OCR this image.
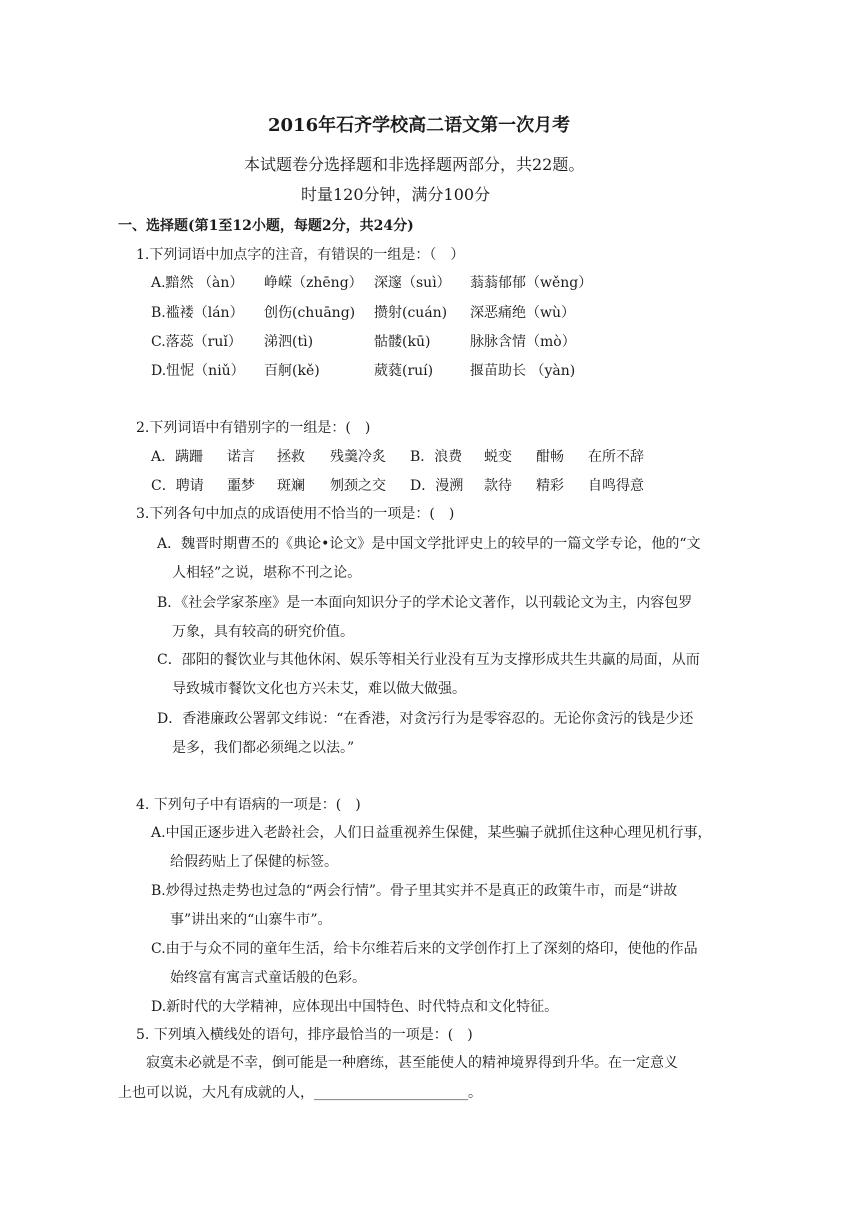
2016年石齐学校高二语文第一次月考
本试题卷分选择题和非选择题两部分，共22题。
时量120分钟，满分100分
一、选择题(第1至12小题，每题2分，共24分)
1.下列词语中加点字的注音，有错误的一组是：（　）
A.黯然 （àn） 峥嵘（zhēng） 深邃（suì） 蓊蓊郁郁（wěng）
B.褴褛（lán） 创伤(chuāng) 攒射(cuán) 深恶痛绝（wù）
C.落蕊（ruǐ） 涕泗(tì)	骷髅(kū)	脉脉含情（mò）
D.忸怩（niǔ） 百舸(kě)	葳蕤(ruí)	揠苗助长 （yàn)
2.下列词语中有错别字的一组是：(　)
A．蹒跚 诺言 拯救 残羹冷炙 B．浪费 蜕变 酣畅 在所不辞
C．聘请 噩梦 斑斓 刎颈之交 D．漫溯 款待 精彩 自鸣得意
3.下列各句中加点的成语使用不恰当的一项是：(　)
A．魏晋时期曹丕的《典论•论文》是中国文学批评史上的较早的一篇文学专论，他的“文
人相轻”之说，堪称不刊之论。
B．《社会学家茶座》是一本面向知识分子的学术论文著作，以刊载论文为主，内容包罗
万象，具有较高的研究价值。
C．邵阳的餐饮业与其他休闲、娱乐等相关行业没有互为支撑形成共生共赢的局面，从而
导致城市餐饮文化也方兴未艾，难以做大做强。
D．香港廉政公署郭文纬说：“在香港，对贪污行为是零容忍的。无论你贪污的钱是少还
是多，我们都必须绳之以法。”
4. 下列句子中有语病的一项是：(　)
A.中国正逐步进入老龄社会，人们日益重视养生保健，某些骗子就抓住这种心理见机行事，
给假药贴上了保健的标签。
B.炒得过热走势也过急的“两会行情”。骨子里其实并不是真正的政策牛市，而是“讲故
事”讲出来的“山寨牛市”。
C.由于与众不同的童年生活，给卡尔维若后来的文学创作打上了深刻的烙印，使他的作品
始终富有寓言式童话般的色彩。
D.新时代的大学精神，应体现出中国特色、时代特点和文化特征。
5. 下列填入横线处的语句，排序最恰当的一项是：(　)
寂寞未必就是不幸，倒可能是一种磨练，甚至能使人的精神境界得到升华。在一定意义
上也可以说，大凡有成就的人，______________________。
